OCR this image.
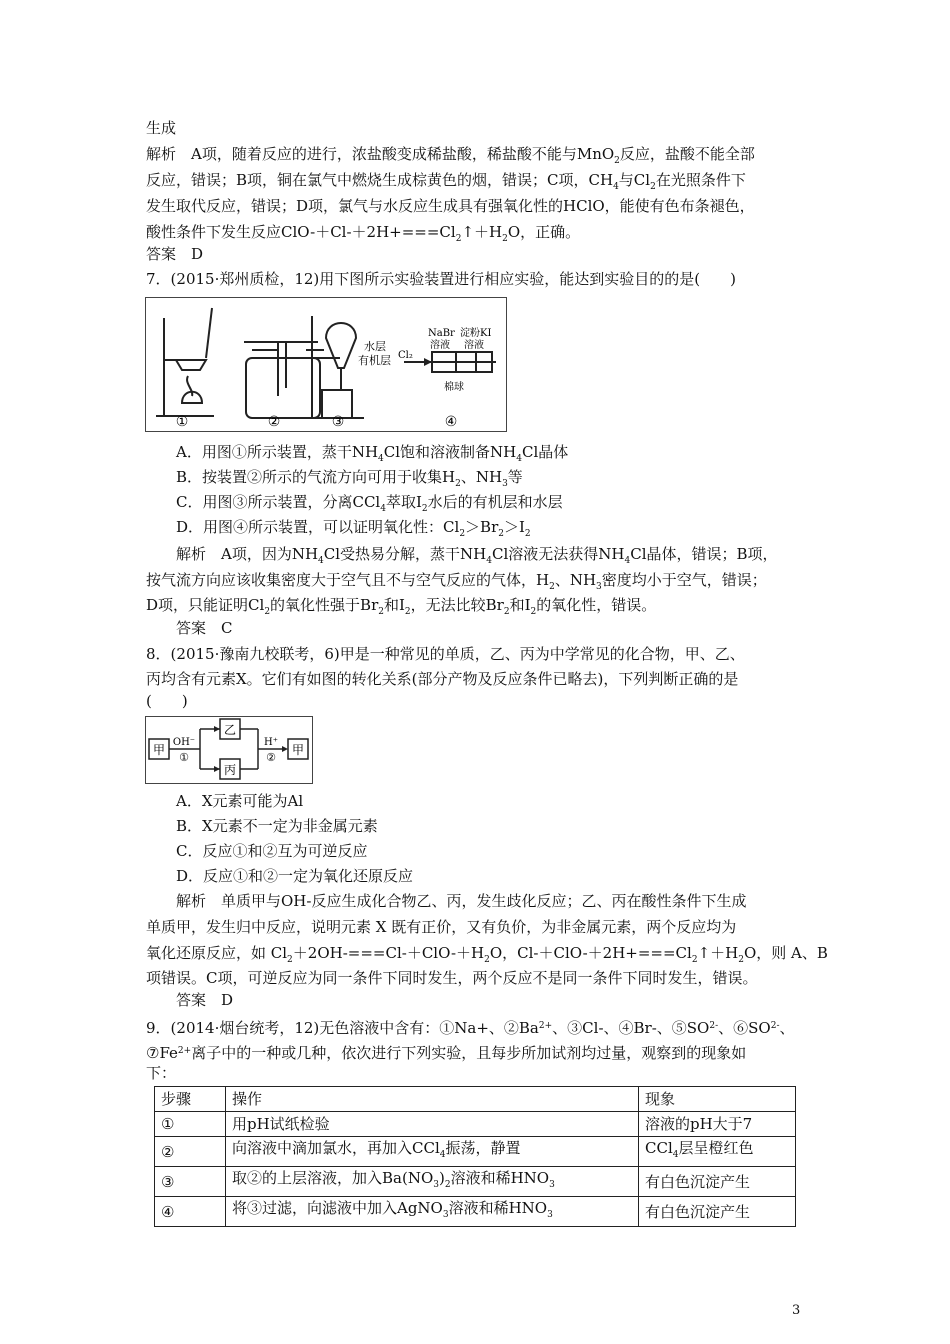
生成
解析　A项，随着反应的进行，浓盐酸变成稀盐酸，稀盐酸不能与MnO$_2$反应，盐酸不能全部
反应，错误；B项，铜在氯气中燃烧生成棕黄色的烟，错误；C项，$CH_4$与$Cl_2$在光照条件下
发生取代反应，错误；D项，氯气与水反应生成具有强氧化性的HClO，能使有色布条褪色，
酸性条件下发生反应ClO-$+Cl-+2H+===Cl_2↑+H_2O$，正确。
答案　D
7．(2015·郑州质检，12)用下图所示实验装置进行相应实验，能达到实验目的的是(　　)
①	②	③	④
水层
有机层
NaBr
溶液
淀粉KI
溶液
Cl₂
棉球
A．用图①所示装置，蒸干$NH_4Cl$饱和溶液制备$NH_4Cl$晶体
B．按装置②所示的气流方向可用于收集$H_2$、$NH_3$等
C．用图③所示装置，分离CCl$_4$萃取$I_2$水后的有机层和水层
D．用图④所示装置，可以证明氧化性：$Cl_2>Br_2>I_2$
解析　A项，因为$NH_4Cl$受热易分解，蒸干$NH_4Cl$溶液无法获得$NH_4Cl$晶体，错误；B项，
按气流方向应该收集密度大于空气且不与空气反应的气体，$H_2$、$NH_3$密度均小于空气，错误；
D项，只能证明$Cl_2$的氧化性强于$Br_2$和$I_2$，无法比较$Br_2$和$I_2$的氧化性，错误。
答案　C
8．(2015·豫南九校联考，6)甲是一种常见的单质，乙、丙为中学常见的化合物，甲、乙、
丙均含有元素X。它们有如图的转化关系(部分产物及反应条件已略去)，下列判断正确的是
(　　)
甲
OH⁻
①
乙
丙
H⁺
②
甲
A．X元素可能为Al
B．X元素不一定为非金属元素
C．反应①和②互为可逆反应
D．反应①和②一定为氧化还原反应
解析　单质甲与OH-反应生成化合物乙、丙，发生歧化反应；乙、丙在酸性条件下生成
单质甲，发生归中反应，说明元素 X 既有正价，又有负价，为非金属元素，两个反应均为
氧化还原反应，如 $Cl_2+2OH-===Cl-+ClO-+H_2O$，$Cl-+ClO-+2H+===Cl_2↑+H_2O$，则 A、B
项错误。C项，可逆反应为同一条件下同时发生，两个反应不是同一条件下同时发生，错误。
答案　D
9．(2014·烟台统考，12)无色溶液中含有：①Na+、$②Ba^{2+}$、③Cl-、④Br-、$⑤SO^{2-}$、$⑥SO^{2-}$、
$⑦Fe^{2+}$离子中的一种或几种，依次进行下列实验，且每步所加试剂均过量，观察到的现象如
下：
步骤	操作	现象
①	用pH试纸检验	溶液的pH大于7
②	向溶液中滴加氯水，再加入CCl$_4$振荡，静置	CCl$_4$层呈橙红色
③	取②的上层溶液，加入$Ba(NO_3)_2$溶液和稀$HNO_3$	有白色沉淀产生
④	将③过滤，向滤液中加入AgNO$_3$溶液和稀$HNO_3$	有白色沉淀产生
3
